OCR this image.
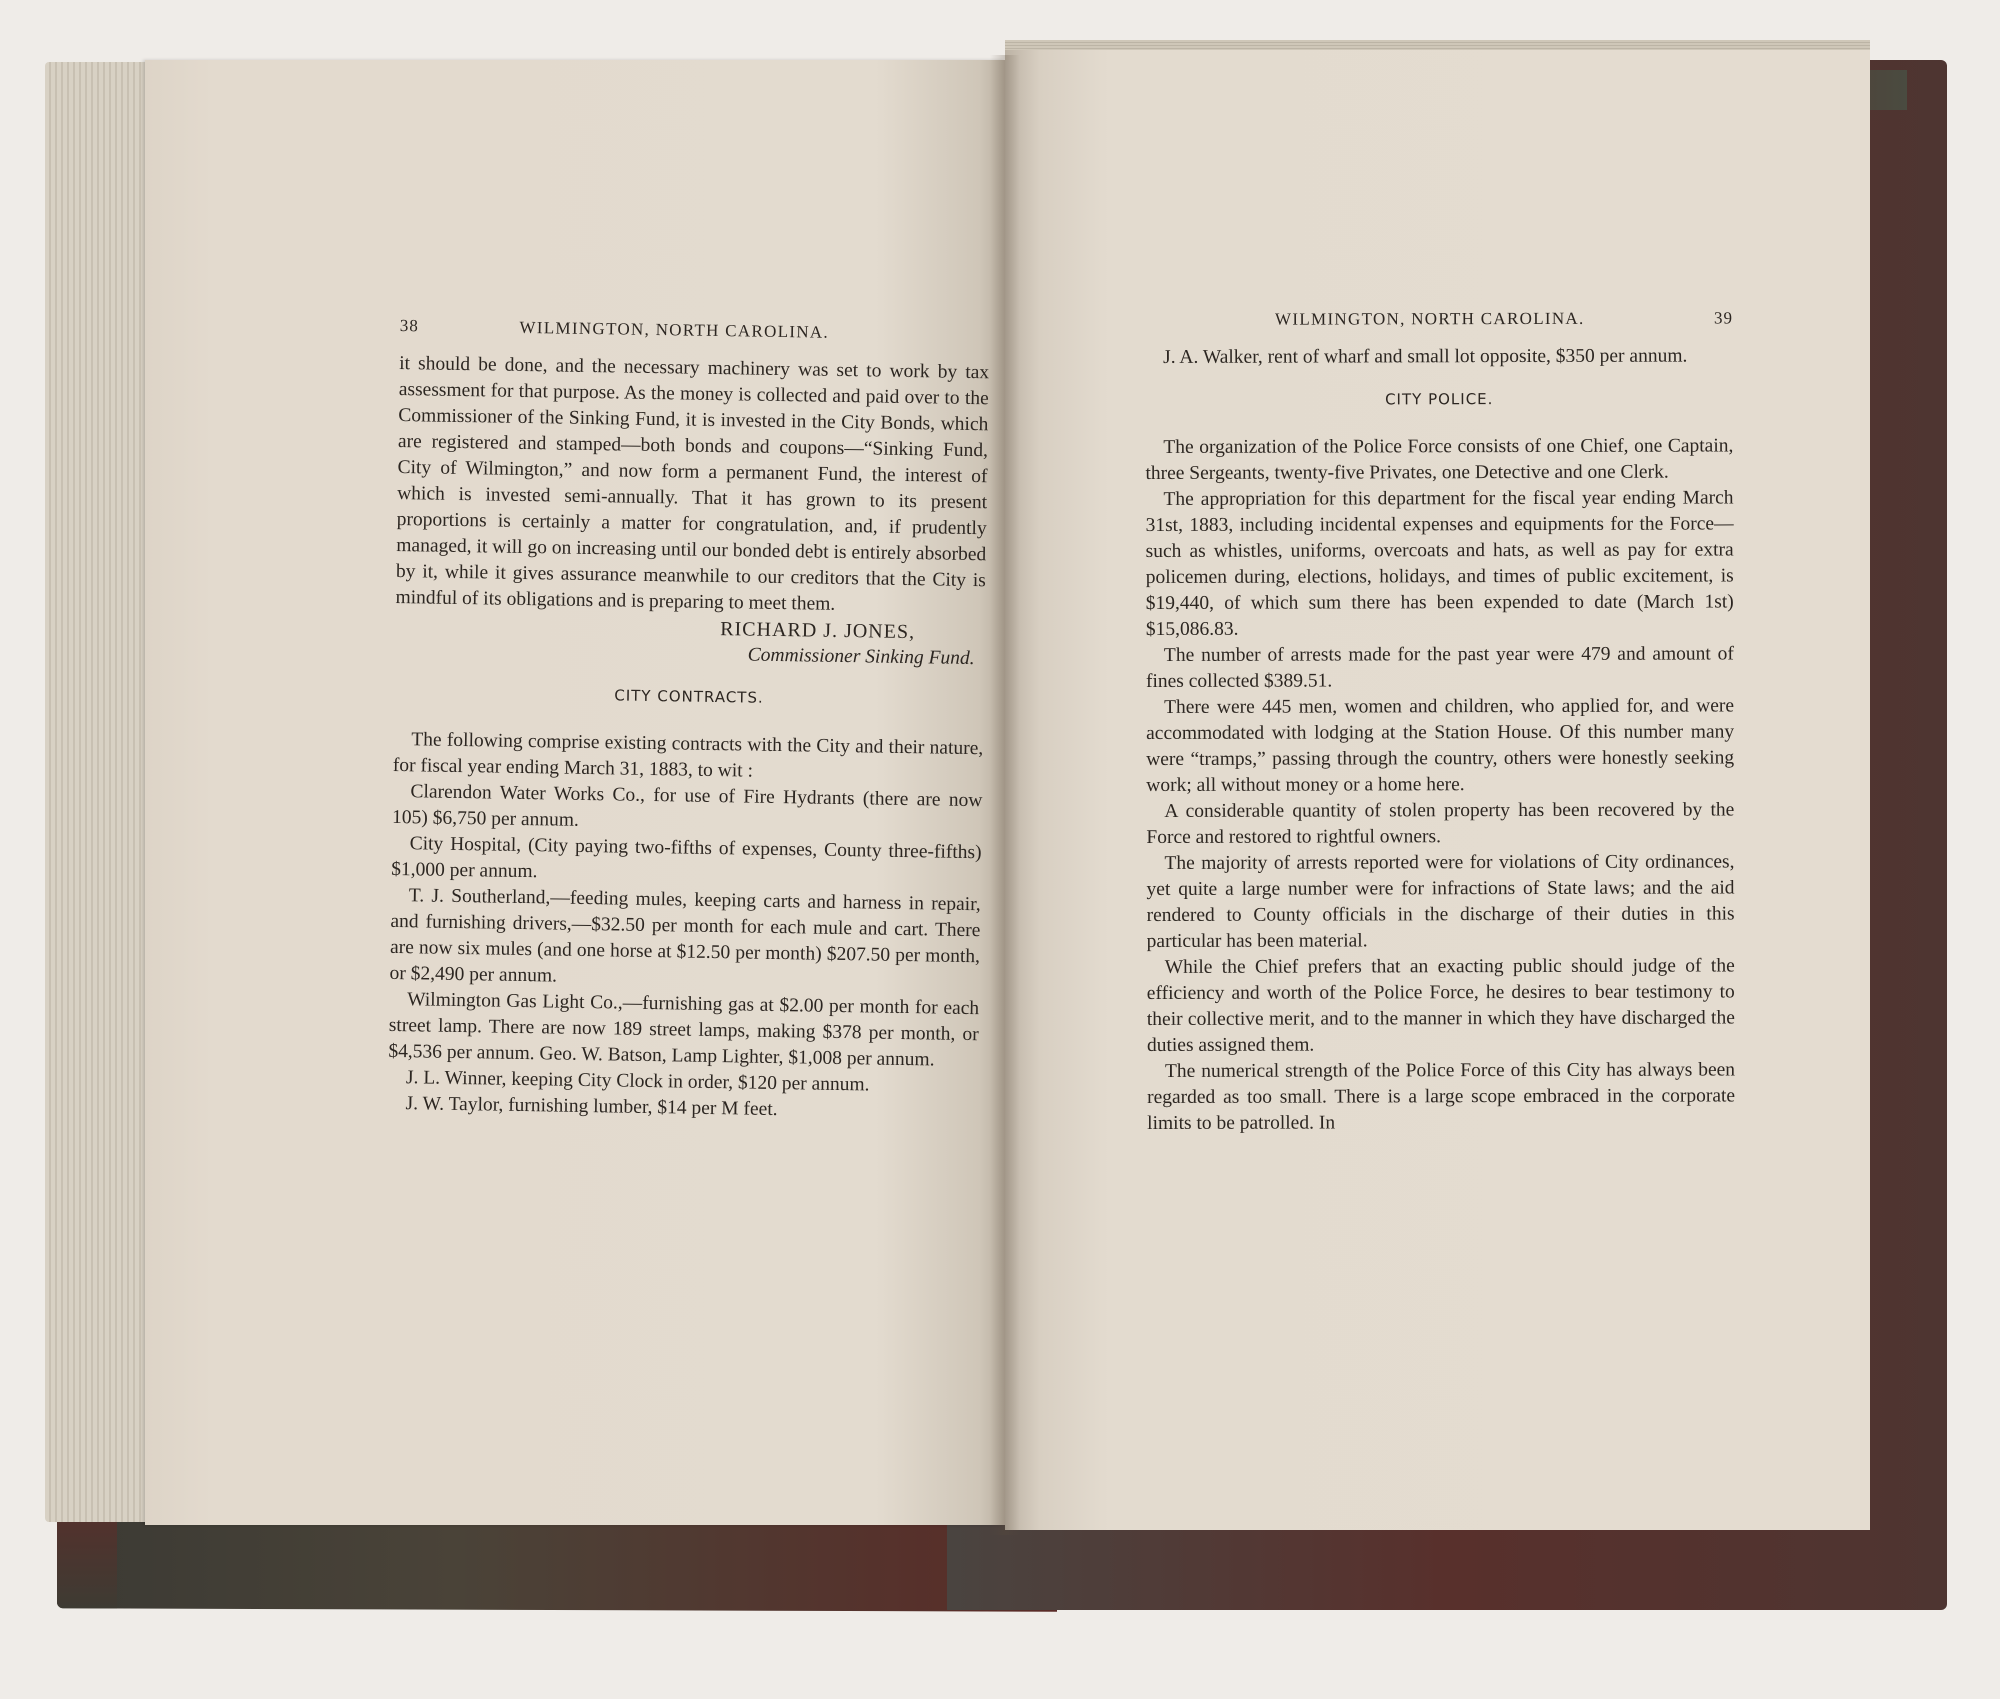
38	WILMINGTON, NORTH CAROLINA.

it should be done, and the necessary machinery was set to work by tax assessment for that purpose. As the money is collected and paid over to the Commissioner of the Sinking Fund, it is invested in the City Bonds, which are registered and stamped—both bonds and coupons—“Sinking Fund, City of Wilmington,” and now form a permanent Fund, the interest of which is invested semi-annually. That it has grown to its present proportions is certainly a matter for congratulation, and, if prudently managed, it will go on increasing until our bonded debt is entirely absorbed by it, while it gives assurance meanwhile to our creditors that the City is mindful of its obligations and is preparing to meet them.

RICHARD J. JONES,
Commissioner Sinking Fund.
CITY CONTRACTS.

The following comprise existing contracts with the City and their nature, for fiscal year ending March 31, 1883, to wit :

Clarendon Water Works Co., for use of Fire Hydrants (there are now 105) $6,750 per annum.

City Hospital, (City paying two-fifths of expenses, County three-fifths) $1,000 per annum.

T. J. Southerland,—feeding mules, keeping carts and harness in repair, and furnishing drivers,—$32.50 per month for each mule and cart. There are now six mules (and one horse at $12.50 per month) $207.50 per month, or $2,490 per annum.

Wilmington Gas Light Co.,—furnishing gas at $2.00 per month for each street lamp. There are now 189 street lamps, making $378 per month, or $4,536 per annum. Geo. W. Batson, Lamp Lighter, $1,008 per annum.

J. L. Winner, keeping City Clock in order, $120 per annum.

J. W. Taylor, furnishing lumber, $14 per M feet.

WILMINGTON, NORTH CAROLINA.	39

J. A. Walker, rent of wharf and small lot opposite, $350 per annum.

CITY POLICE.

The organization of the Police Force consists of one Chief, one Captain, three Sergeants, twenty-five Privates, one Detective and one Clerk.

The appropriation for this department for the fiscal year ending March 31st, 1883, including incidental expenses and equipments for the Force—such as whistles, uniforms, overcoats and hats, as well as pay for extra policemen during, elections, holidays, and times of public excitement, is $19,440, of which sum there has been expended to date (March 1st) $15,086.83.

The number of arrests made for the past year were 479 and amount of fines collected $389.51.

There were 445 men, women and children, who applied for, and were accommodated with lodging at the Station House. Of this number many were “tramps,” passing through the country, others were honestly seeking work; all without money or a home here.

A considerable quantity of stolen property has been recovered by the Force and restored to rightful owners.

The majority of arrests reported were for violations of City ordinances, yet quite a large number were for infractions of State laws; and the aid rendered to County officials in the discharge of their duties in this particular has been material.

While the Chief prefers that an exacting public should judge of the efficiency and worth of the Police Force, he desires to bear testimony to their collective merit, and to the manner in which they have discharged the duties assigned them.

The numerical strength of the Police Force of this City has always been regarded as too small. There is a large scope embraced in the corporate limits to be patrolled. In
